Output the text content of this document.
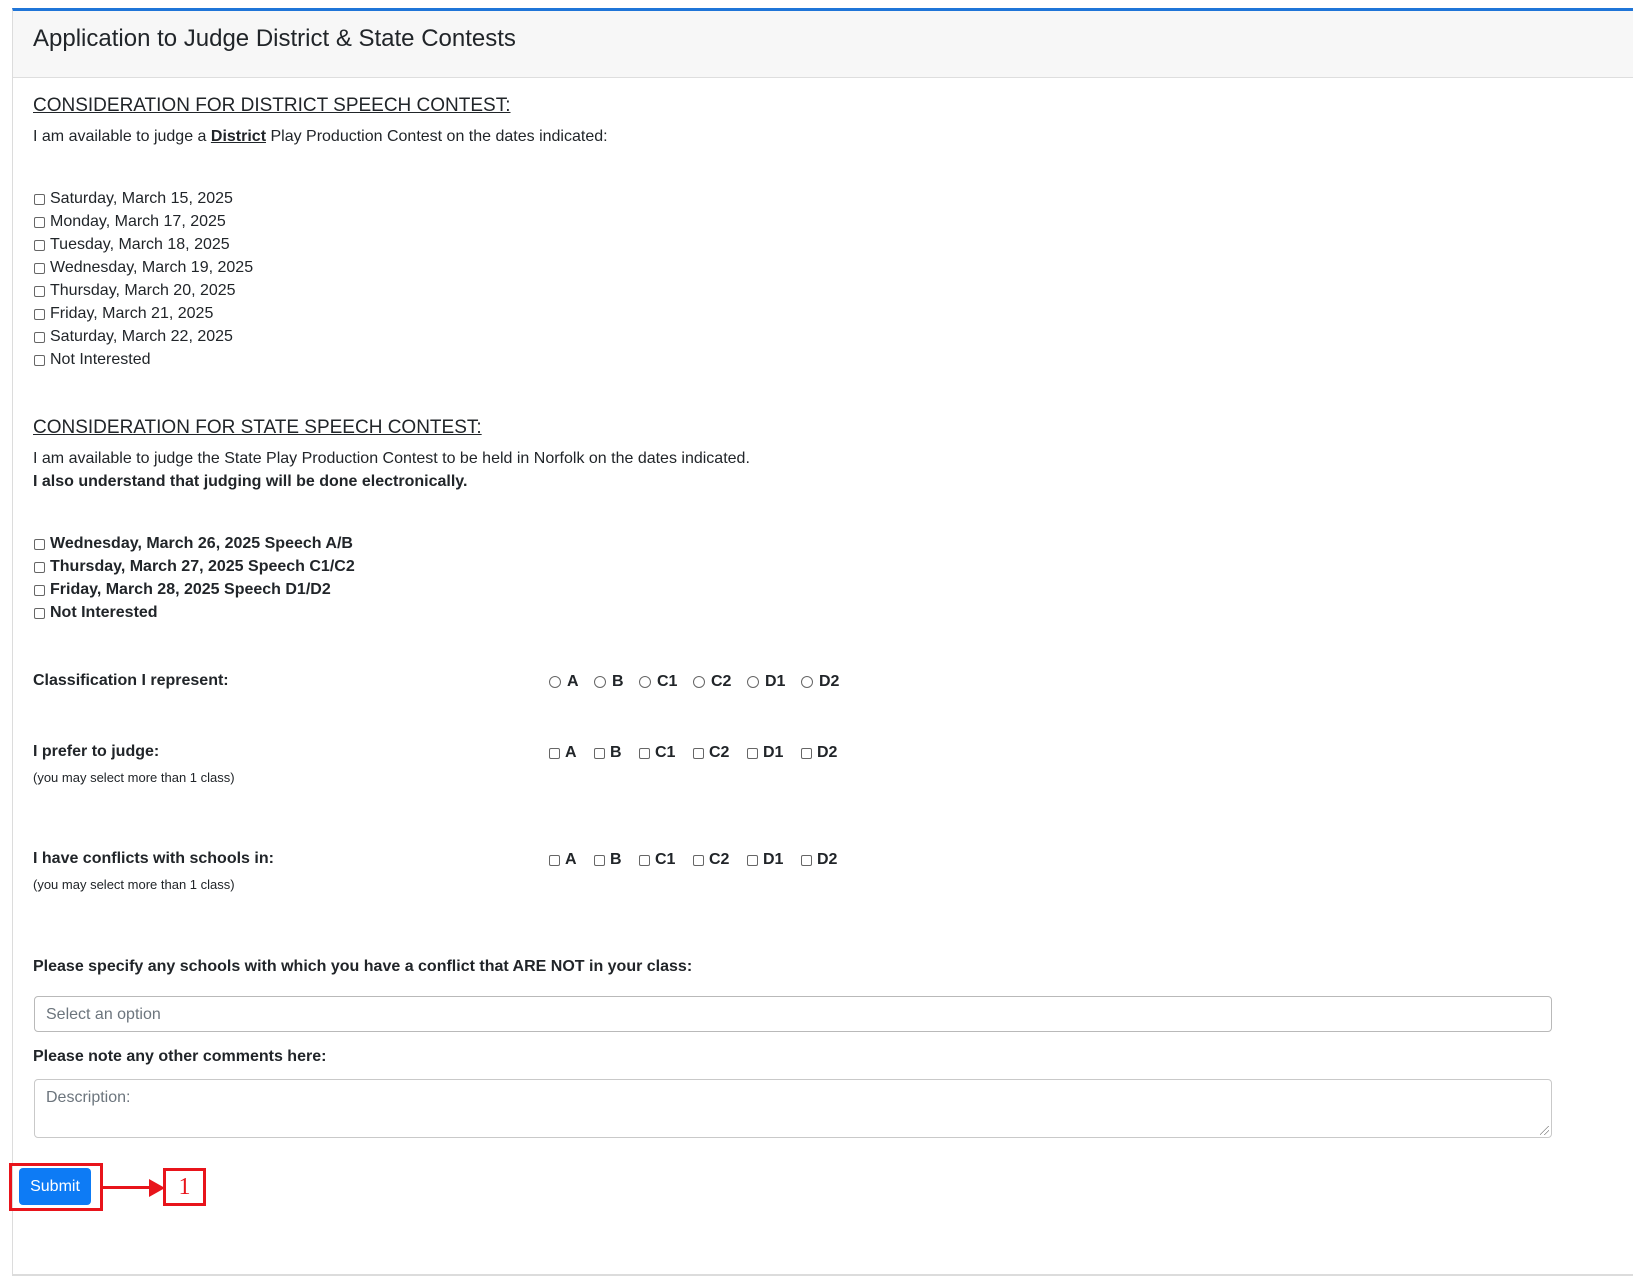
Application to Judge District & State Contests
CONSIDERATION FOR DISTRICT SPEECH CONTEST:
I am available to judge a District Play Production Contest on the dates indicated:
Saturday, March 15, 2025
Monday, March 17, 2025
Tuesday, March 18, 2025
Wednesday, March 19, 2025
Thursday, March 20, 2025
Friday, March 21, 2025
Saturday, March 22, 2025
Not Interested
CONSIDERATION FOR STATE SPEECH CONTEST:
I am available to judge the State Play Production Contest to be held in Norfolk on the dates indicated.
I also understand that judging will be done electronically.
Wednesday, March 26, 2025 Speech A/B
Thursday, March 27, 2025 Speech C1/C2
Friday, March 28, 2025 Speech D1/D2
Not Interested
Classification I represent:	A B C1 C2 D1 D2
I prefer to judge:
(you may select more than 1 class)
A B C1 C2 D1 D2
I have conflicts with schools in:
(you may select more than 1 class)
A B C1 C2 D1 D2
Please specify any schools with which you have a conflict that ARE NOT in your class:
Select an option
Please note any other comments here:
Description:
Submit	1
